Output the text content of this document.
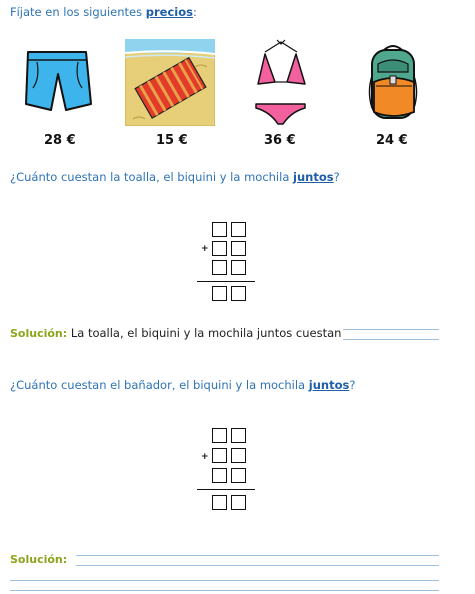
Fíjate en los siguientes precios:
28 €	15 €	36 €	24 €
¿Cuánto cuestan la toalla, el biquini y la mochila juntos?
+
Solución: La toalla, el biquini y la mochila juntos cuestan
¿Cuánto cuestan el bañador, el biquini y la mochila juntos?
+
Solución:
